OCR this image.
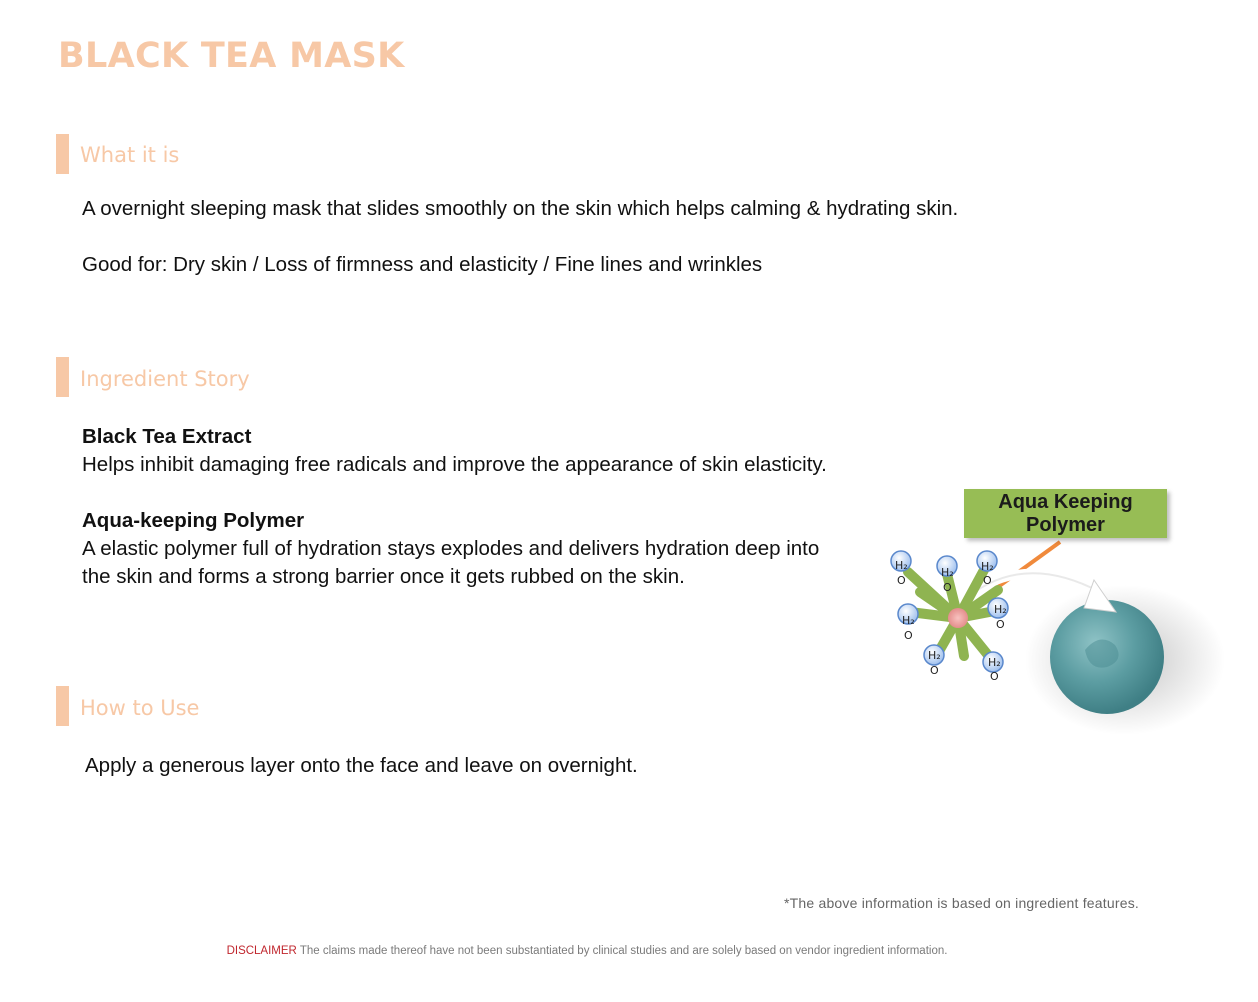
BLACK TEA MASK
What it is

A overnight sleeping mask that slides smoothly on the skin which helps calming & hydrating skin.

Good for: Dry skin / Loss of firmness and elasticity / Fine lines and wrinkles

Ingredient Story

Black Tea Extract

Helps inhibit damaging free radicals and improve the appearance of skin elasticity.

Aqua-keeping Polymer

A elastic polymer full of hydration stays explodes and delivers hydration deep into

the skin and forms a strong barrier once it gets rubbed on the skin.

How to Use

Apply a generous layer onto the face and leave on overnight.

H₂
O
H₂
O
H₂
O
H₂
O
H₂
O
H₂
O
H₂
O
Aqua Keeping
Polymer

*The above information is based on ingredient features.

DISCLAIMER The claims made thereof have not been substantiated by clinical studies and are solely based on vendor ingredient information.
